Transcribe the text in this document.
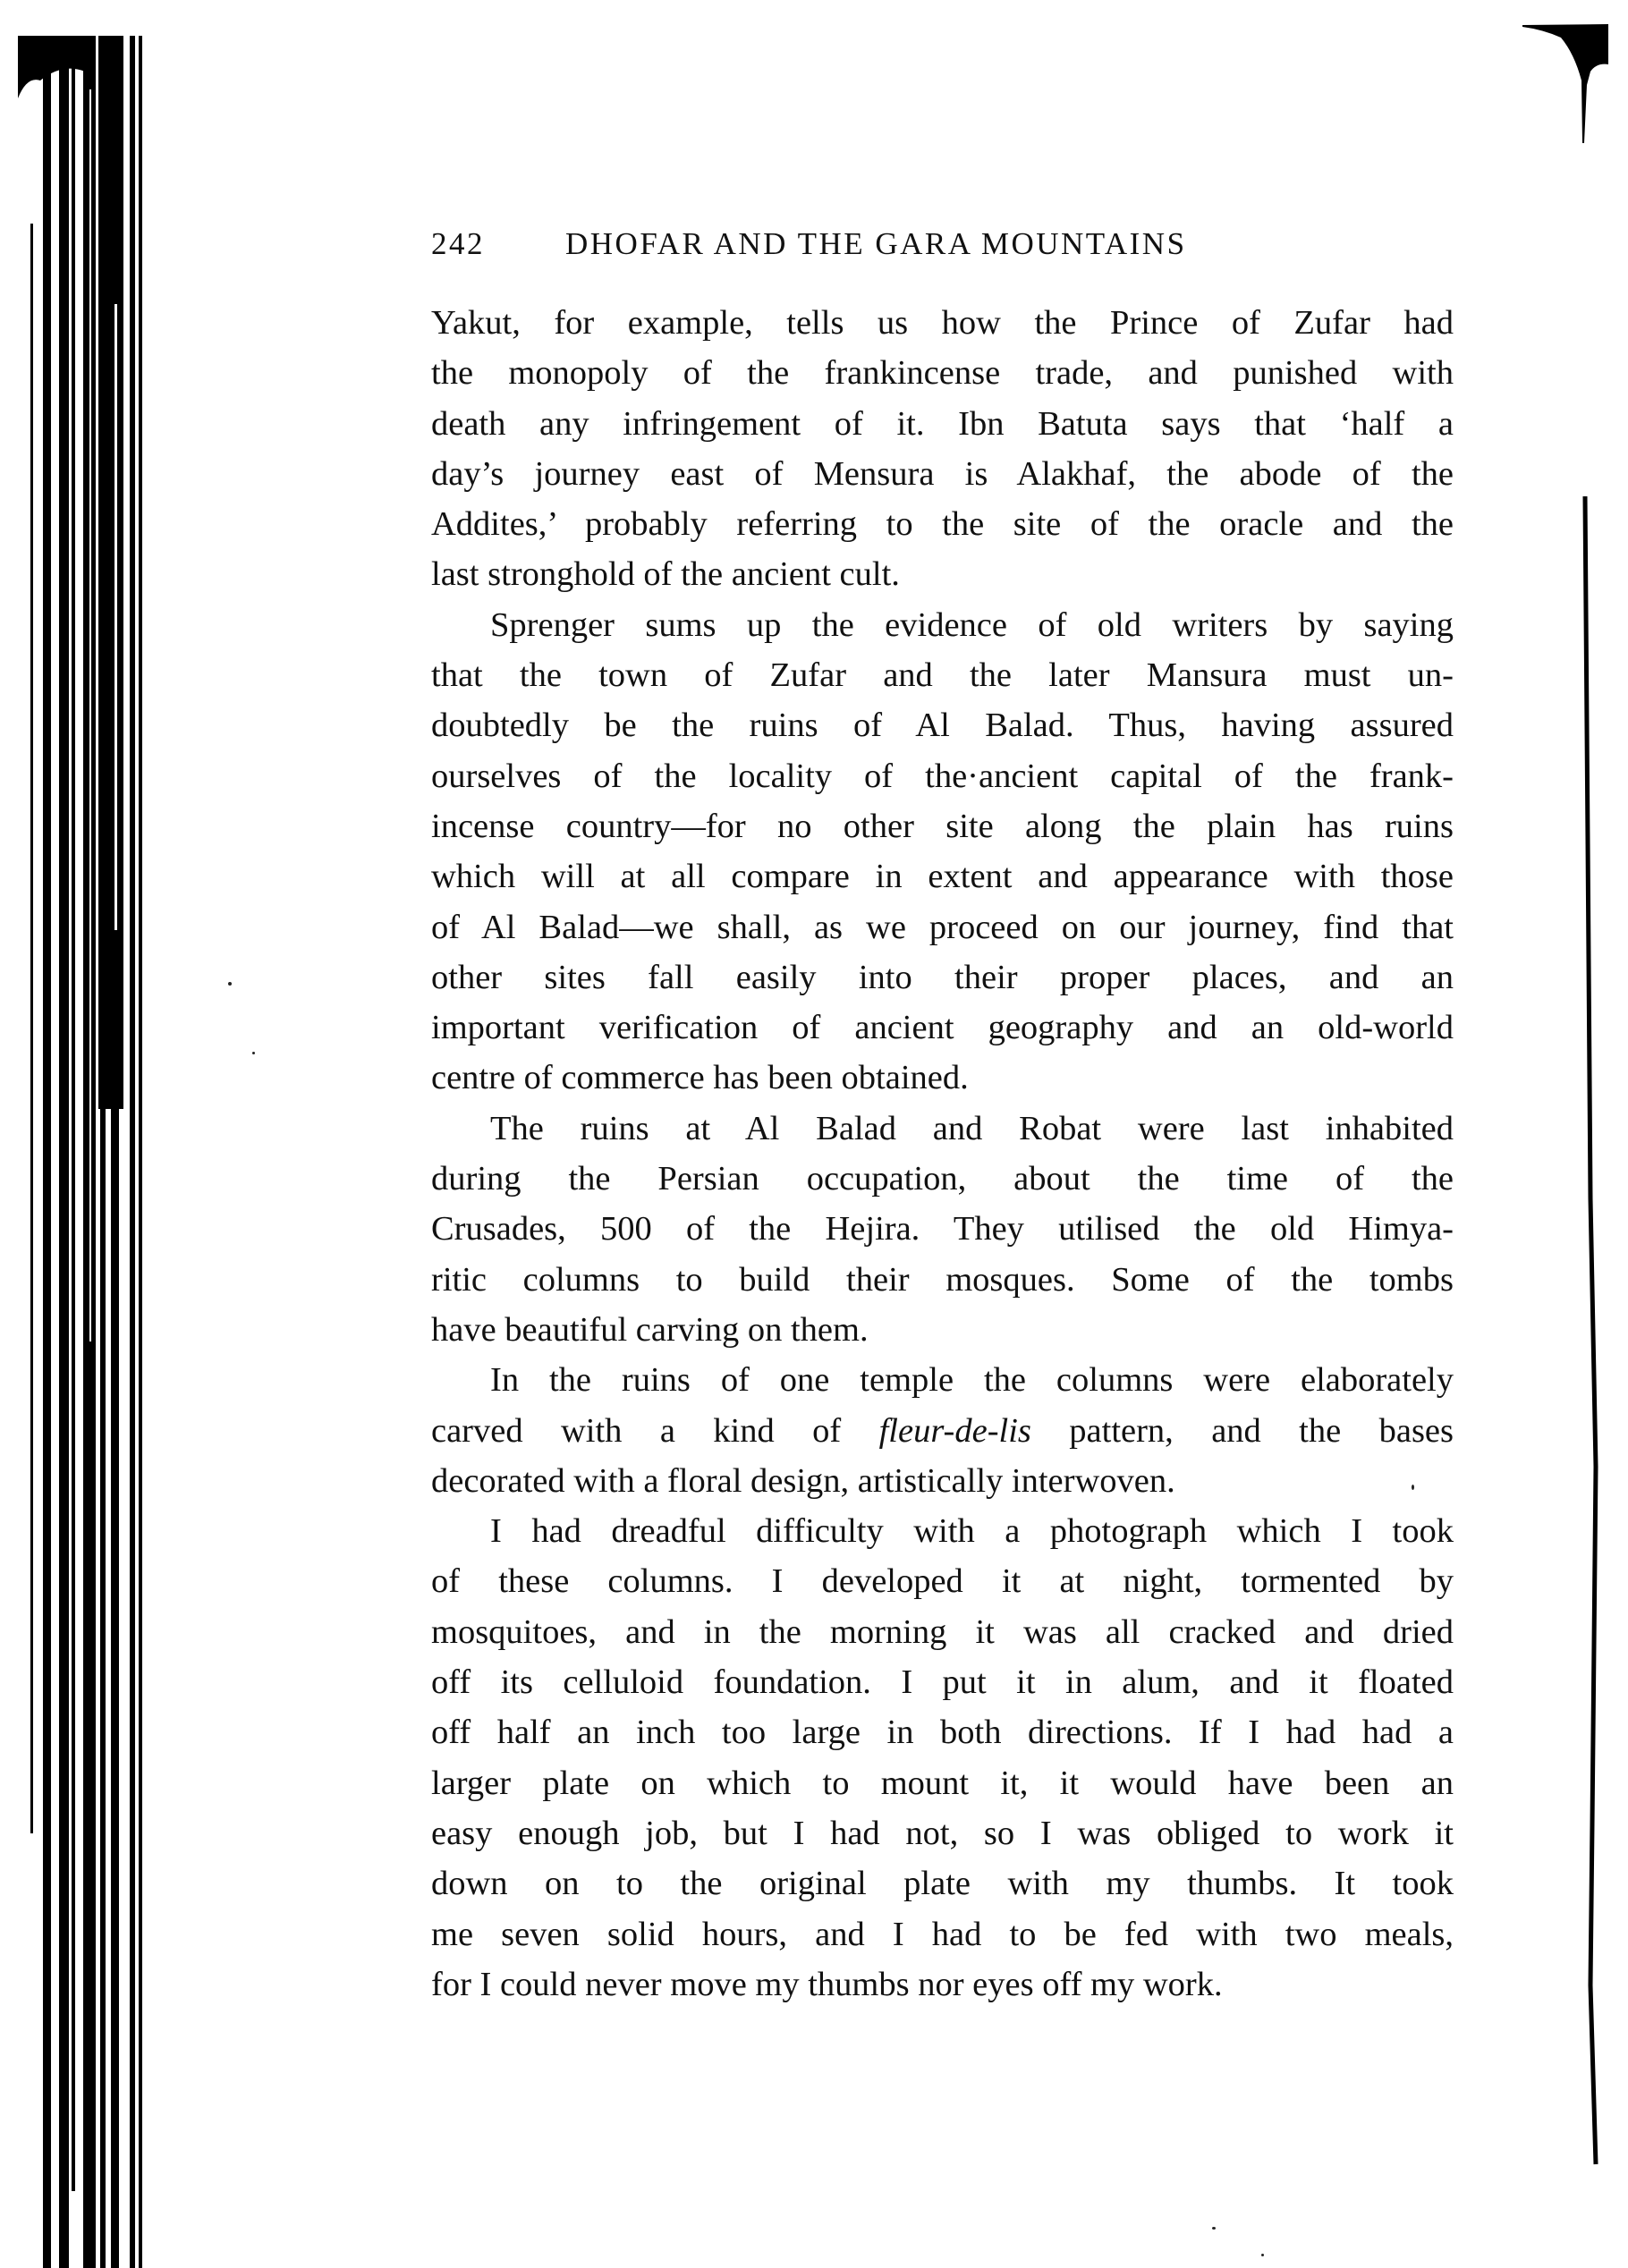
242	DHOFAR AND THE GARA MOUNTAINS
Yakut, for example, tells us how the Prince of Zufar had
the monopoly of the frankincense trade, and punished with
death any infringement of it. Ibn Batuta says that ‘half a
day’s journey east of Mensura is Alakhaf, the abode of the
Addites,’ probably referring to the site of the oracle and the
last stronghold of the ancient cult.
Sprenger sums up the evidence of old writers by saying
that the town of Zufar and the later Mansura must un-
doubtedly be the ruins of Al Balad. Thus, having assured
ourselves of the locality of the·ancient capital of the frank-
incense country—for no other site along the plain has ruins
which will at all compare in extent and appearance with those
of Al Balad—we shall, as we proceed on our journey, find that
other sites fall easily into their proper places, and an
important verification of ancient geography and an old-world
centre of commerce has been obtained.
The ruins at Al Balad and Robat were last inhabited
during the Persian occupation, about the time of the
Crusades, 500 of the Hejira. They utilised the old Himya-
ritic columns to build their mosques. Some of the tombs
have beautiful carving on them.
In the ruins of one temple the columns were elaborately
carved with a kind of fleur-de-lis pattern, and the bases
decorated with a floral design, artistically interwoven.
I had dreadful difficulty with a photograph which I took
of these columns. I developed it at night, tormented by
mosquitoes, and in the morning it was all cracked and dried
off its celluloid foundation. I put it in alum, and it floated
off half an inch too large in both directions. If I had had a
larger plate on which to mount it, it would have been an
easy enough job, but I had not, so I was obliged to work it
down on to the original plate with my thumbs. It took
me seven solid hours, and I had to be fed with two meals,
for I could never move my thumbs nor eyes off my work.
